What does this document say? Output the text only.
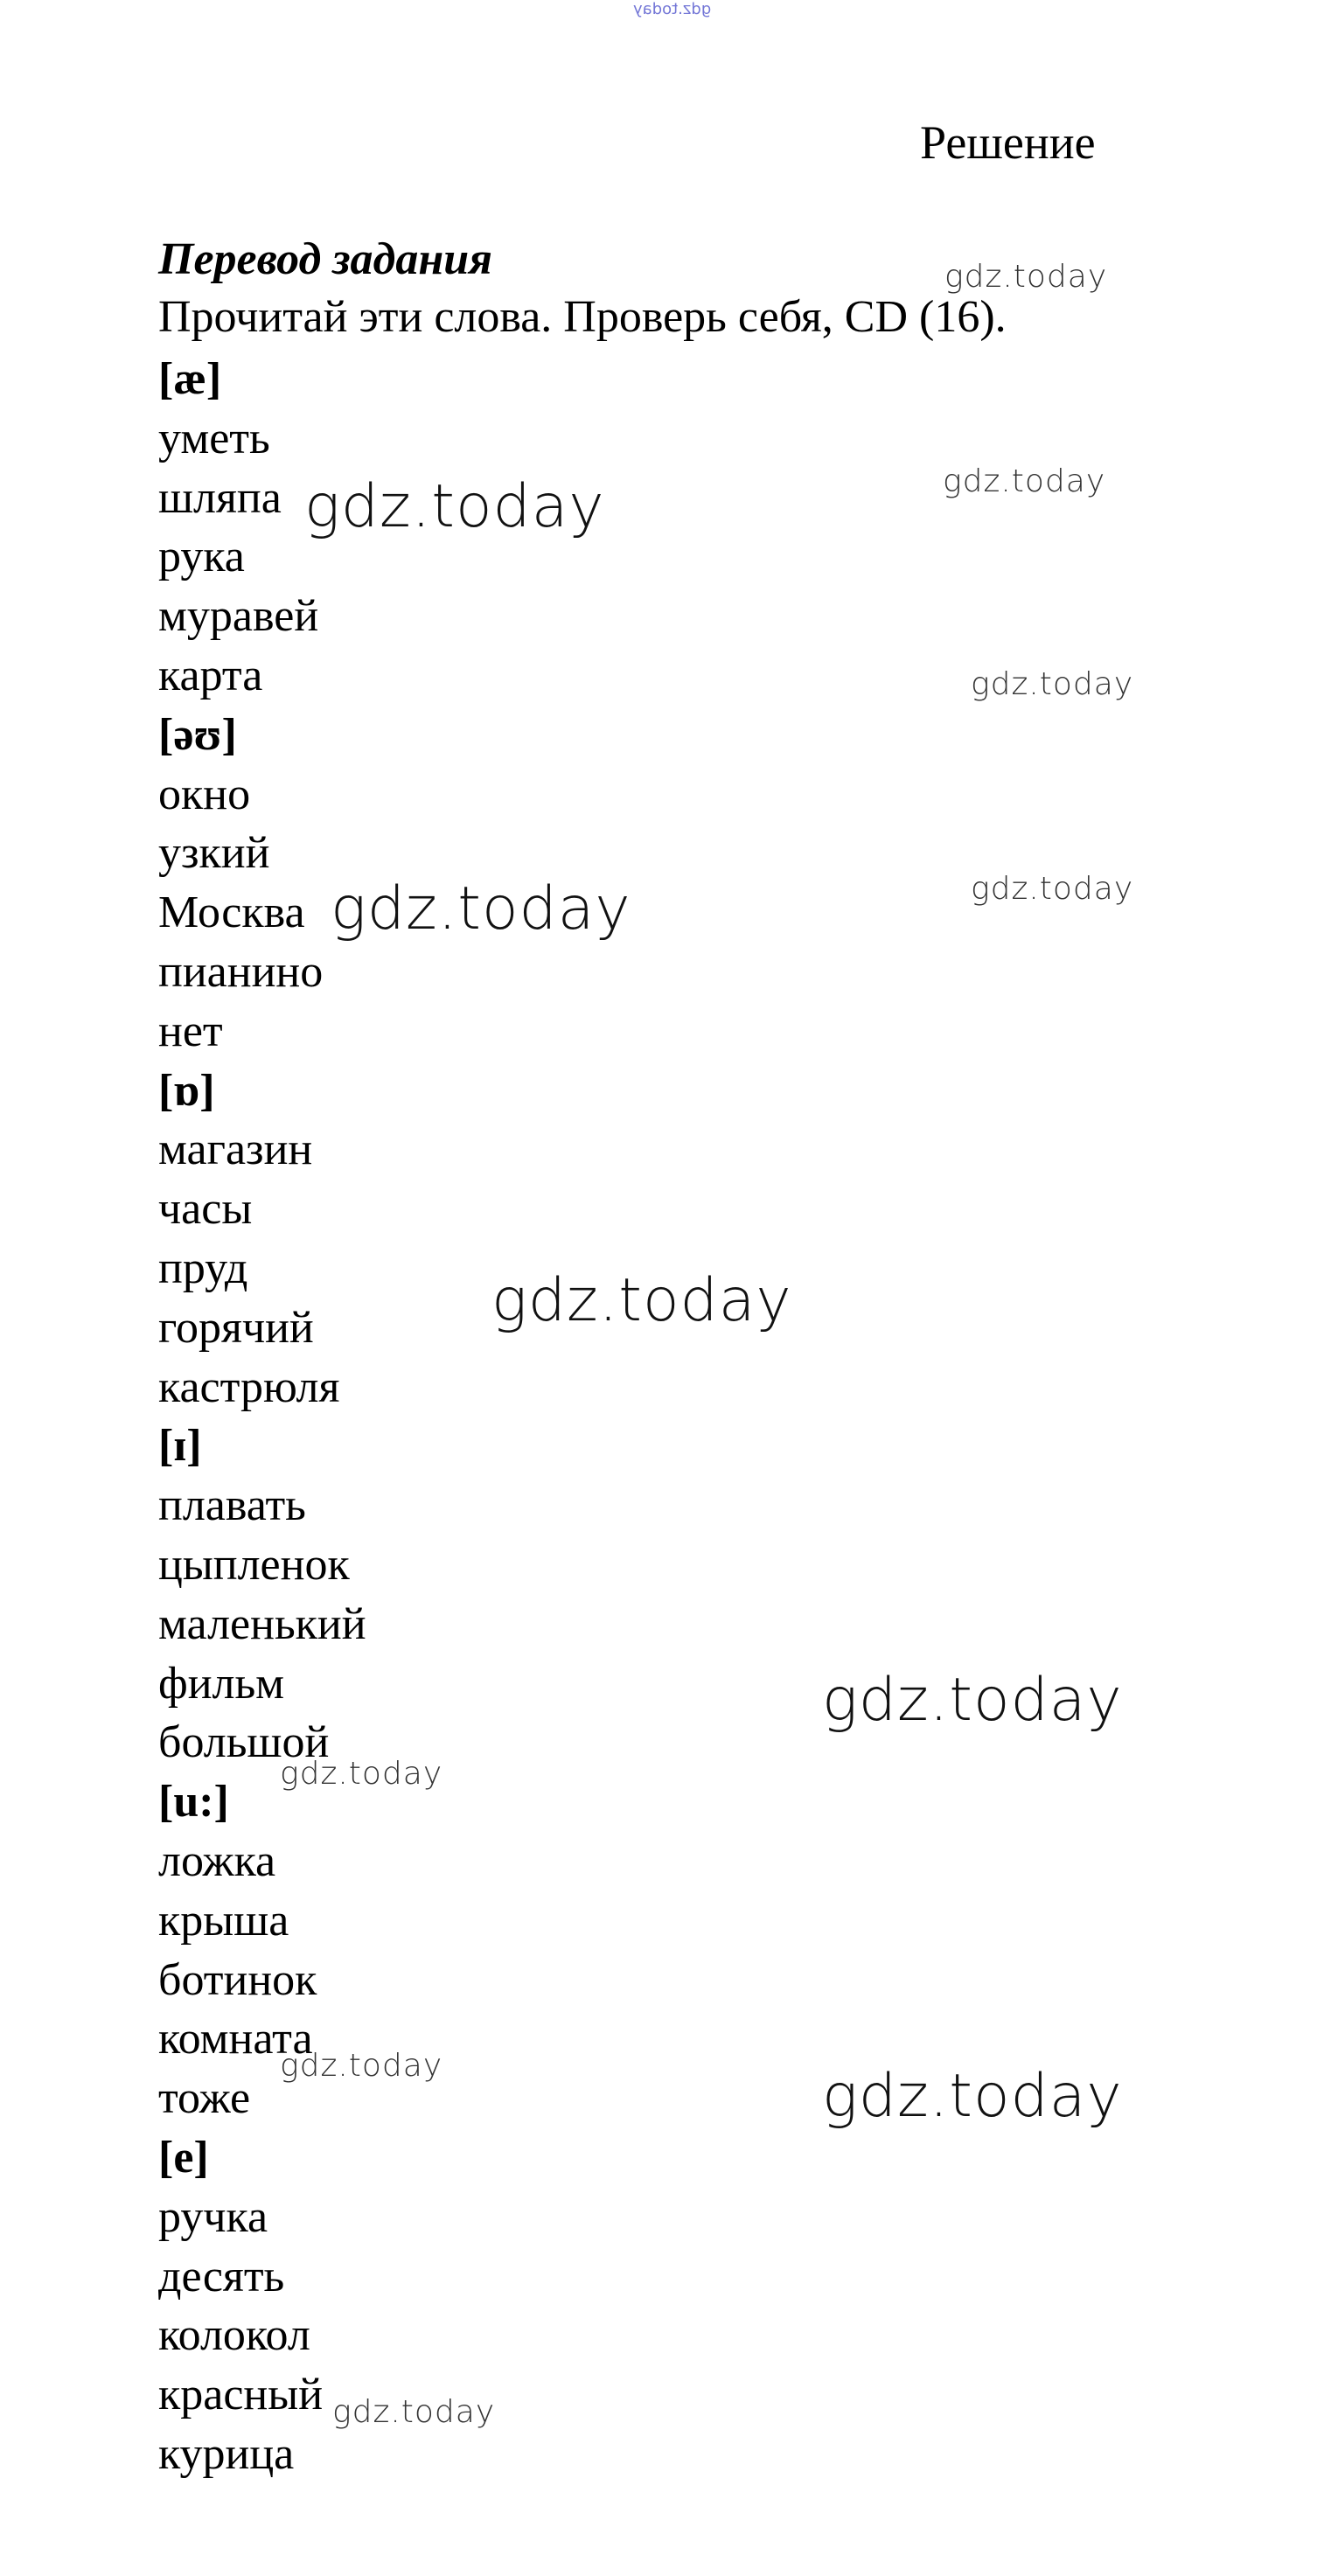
gdz.today
Решение
Перевод задания
Прочитай эти слова. Проверь себя, CD (16).
[æ]
уметь
шляпа
рука
муравей
карта
[əʊ]
окно
узкий
Москва
пианино
нет
[ɒ]
магазин
часы
пруд
горячий
кастрюля
[ɪ]
плавать
цыпленок
маленький
фильм
большой
[u:]
ложка
крыша
ботинок
комната
тоже
[e]
ручка
десять
колокол
красный
курица
gdz.today
gdz.today	gdz.today
gdz.today
gdz.today	gdz.today
gdz.today
gdz.today
gdz.today
gdz.today	gdz.today
gdz.today
